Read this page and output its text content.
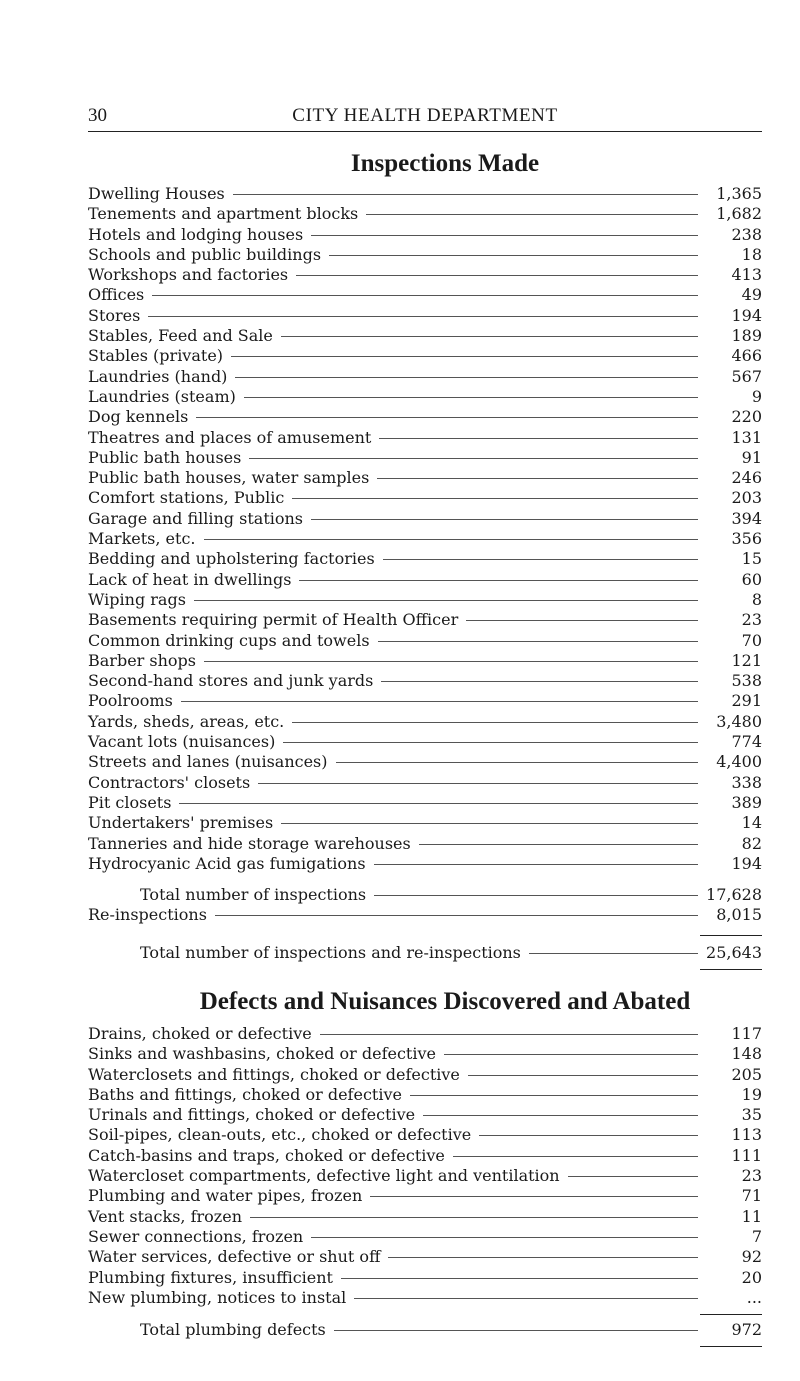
30	CITY HEALTH DEPARTMENT
Inspections Made
Dwelling Houses	1,365
Tenements and apartment blocks	1,682
Hotels and lodging houses	238
Schools and public buildings	18
Workshops and factories	413
Offices	49
Stores	194
Stables, Feed and Sale	189
Stables (private)	466
Laundries (hand)	567
Laundries (steam)	9
Dog kennels	220
Theatres and places of amusement	131
Public bath houses	91
Public bath houses, water samples	246
Comfort stations, Public	203
Garage and filling stations	394
Markets, etc.	356
Bedding and upholstering factories	15
Lack of heat in dwellings	60
Wiping rags	8
Basements requiring permit of Health Officer	23
Common drinking cups and towels	70
Barber shops	121
Second-hand stores and junk yards	538
Poolrooms	291
Yards, sheds, areas, etc.	3,480
Vacant lots (nuisances)	774
Streets and lanes (nuisances)	4,400
Contractors' closets	338
Pit closets	389
Undertakers' premises	14
Tanneries and hide storage warehouses	82
Hydrocyanic Acid gas fumigations	194
Total number of inspections	17,628
Re-inspections	8,015
Total number of inspections and re-inspections	25,643
Defects and Nuisances Discovered and Abated
Drains, choked or defective	117
Sinks and washbasins, choked or defective	148
Waterclosets and fittings, choked or defective	205
Baths and fittings, choked or defective	19
Urinals and fittings, choked or defective	35
Soil-pipes, clean-outs, etc., choked or defective	113
Catch-basins and traps, choked or defective	111
Watercloset compartments, defective light and ventilation	23
Plumbing and water pipes, frozen	71
Vent stacks, frozen	11
Sewer connections, frozen	7
Water services, defective or shut off	92
Plumbing fixtures, insufficient	20
New plumbing, notices to instal	...
Total plumbing defects	972
